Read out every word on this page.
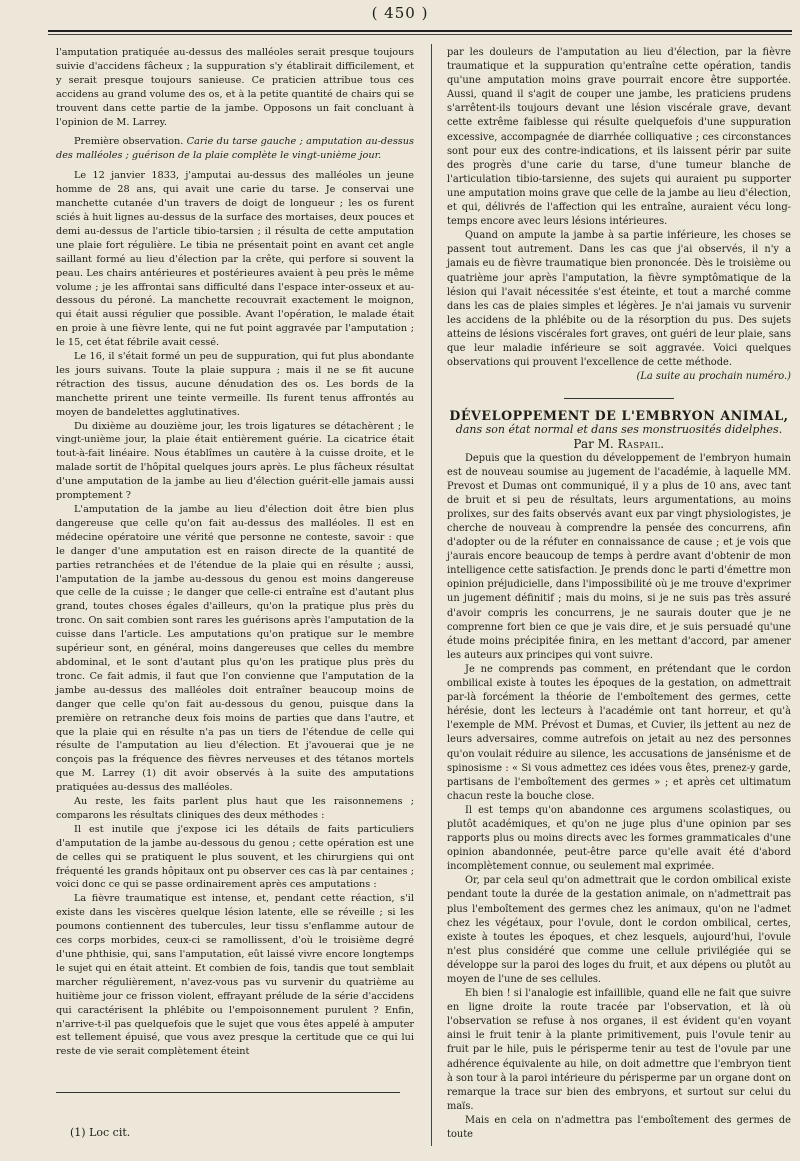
( 450 )

l'amputation pratiquée au-dessus des malléoles serait presque toujours suivie d'accidens fâcheux ; la suppuration s'y établirait difficilement, et y serait presque toujours sanieuse. Ce praticien attribue tous ces accidens au grand volume des os, et à la petite quantité de chairs qui se trouvent dans cette partie de la jambe. Opposons un fait concluant à l'opinion de M. Larrey.

Première observation. Carie du tarse gauche ; amputation au-dessus des malléoles ; guérison de la plaie complète le vingt-unième jour.

Le 12 janvier 1833, j'amputai au-dessus des malléoles un jeune homme de 28 ans, qui avait une carie du tarse. Je conservai une manchette cutanée d'un travers de doigt de longueur ; les os furent sciés à huit lignes au-dessus de la surface des mortaises, deux pouces et demi au-dessus de l'article tibio-tarsien ; il résulta de cette amputation une plaie fort régulière. Le tibia ne présentait point en avant cet angle saillant formé au lieu d'élection par la crête, qui perfore si souvent la peau. Les chairs antérieures et postérieures avaient à peu près le même volume ; je les affrontai sans difficulté dans l'espace inter-osseux et au-dessous du péroné. La manchette recouvrait exactement le moignon, qui était aussi régulier que possible. Avant l'opération, le malade était en proie à une fièvre lente, qui ne fut point aggravée par l'amputation ; le 15, cet état fébrile avait cessé.

Le 16, il s'était formé un peu de suppuration, qui fut plus abondante les jours suivans. Toute la plaie suppura ; mais il ne se fit aucune rétraction des tissus, aucune dénudation des os. Les bords de la manchette prirent une teinte vermeille. Ils furent tenus affrontés au moyen de bandelettes agglutinatives.

Du dixième au douzième jour, les trois ligatures se détachèrent ; le vingt-unième jour, la plaie était entièrement guérie. La cicatrice était tout-à-fait linéaire. Nous établîmes un cautère à la cuisse droite, et le malade sortit de l'hôpital quelques jours après. Le plus fâcheux résultat d'une amputation de la jambe au lieu d'élection guérit-elle jamais aussi promptement ?

L'amputation de la jambe au lieu d'élection doit être bien plus dangereuse que celle qu'on fait au-dessus des malléoles. Il est en médecine opératoire une vérité que personne ne conteste, savoir : que le danger d'une amputation est en raison directe de la quantité de parties retranchées et de l'étendue de la plaie qui en résulte ; aussi, l'amputation de la jambe au-dessous du genou est moins dangereuse que celle de la cuisse ; le danger que celle-ci entraîne est d'autant plus grand, toutes choses égales d'ailleurs, qu'on la pratique plus près du tronc. On sait combien sont rares les guérisons après l'amputation de la cuisse dans l'article. Les amputations qu'on pratique sur le membre supérieur sont, en général, moins dangereuses que celles du membre abdominal, et le sont d'autant plus qu'on les pratique plus près du tronc. Ce fait admis, il faut que l'on convienne que l'amputation de la jambe au-dessus des malléoles doit entraîner beaucoup moins de danger que celle qu'on fait au-dessous du genou, puisque dans la première on retranche deux fois moins de parties que dans l'autre, et que la plaie qui en résulte n'a pas un tiers de l'étendue de celle qui résulte de l'amputation au lieu d'élection. Et j'avouerai que je ne conçois pas la fréquence des fièvres nerveuses et des tétanos mortels que M. Larrey (1) dit avoir observés à la suite des amputations pratiquées au-dessus des malléoles.

Au reste, les faits parlent plus haut que les raisonnemens ; comparons les résultats cliniques des deux méthodes :

Il est inutile que j'expose ici les détails de faits particuliers d'amputation de la jambe au-dessous du genou ; cette opération est une de celles qui se pratiquent le plus souvent, et les chirurgiens qui ont fréquenté les grands hôpitaux ont pu observer ces cas là par centaines ; voici donc ce qui se passe ordinairement après ces amputations :

La fièvre traumatique est intense, et, pendant cette réaction, s'il existe dans les viscères quelque lésion latente, elle se réveille ; si les poumons contiennent des tubercules, leur tissu s'enflamme autour de ces corps morbides, ceux-ci se ramollissent, d'où le troisième degré d'une phthisie, qui, sans l'amputation, eût laissé vivre encore longtemps le sujet qui en était atteint. Et combien de fois, tandis que tout semblait marcher régulièrement, n'avez-vous pas vu survenir du quatrième au huitième jour ce frisson violent, effrayant prélude de la série d'accidens qui caractérisent la phlébite ou l'empoisonnement purulent ? Enfin, n'arrive-t-il pas quelquefois que le sujet que vous êtes appelé à amputer est tellement épuisé, que vous avez presque la certitude que ce qui lui reste de vie serait complètement éteint

par les douleurs de l'amputation au lieu d'élection, par la fièvre traumatique et la suppuration qu'entraîne cette opération, tandis qu'une amputation moins grave pourrait encore être supportée. Aussi, quand il s'agit de couper une jambe, les praticiens prudens s'arrêtent-ils toujours devant une lésion viscérale grave, devant cette extrême faiblesse qui résulte quelquefois d'une suppuration excessive, accompagnée de diarrhée colliquative ; ces circonstances sont pour eux des contre-indications, et ils laissent périr par suite des progrès d'une carie du tarse, d'une tumeur blanche de l'articulation tibio-tarsienne, des sujets qui auraient pu supporter une amputation moins grave que celle de la jambe au lieu d'élection, et qui, délivrés de l'affection qui les entraîne, auraient vécu long-temps encore avec leurs lésions intérieures.

Quand on ampute la jambe à sa partie inférieure, les choses se passent tout autrement. Dans les cas que j'ai observés, il n'y a jamais eu de fièvre traumatique bien prononcée. Dès le troisième ou quatrième jour après l'amputation, la fièvre symptômatique de la lésion qui l'avait nécessitée s'est éteinte, et tout a marché comme dans les cas de plaies simples et légères. Je n'ai jamais vu survenir les accidens de la phlébite ou de la résorption du pus. Des sujets atteins de lésions viscérales fort graves, ont guéri de leur plaie, sans que leur maladie inférieure se soit aggravée. Voici quelques observations qui prouvent l'excellence de cette méthode.

(La suite au prochain numéro.)

DÉVELOPPEMENT DE L'EMBRYON ANIMAL,

dans son état normal et dans ses monstruosités didelphes.

Par M. Raspail.

Depuis que la question du développement de l'embryon humain est de nouveau soumise au jugement de l'académie, à laquelle MM. Prevost et Dumas ont communiqué, il y a plus de 10 ans, avec tant de bruit et si peu de résultats, leurs argumentations, au moins prolixes, sur des faits observés avant eux par vingt physiologistes, je cherche de nouveau à comprendre la pensée des concurrens, afin d'adopter ou de la réfuter en connaissance de cause ; et je vois que j'aurais encore beaucoup de temps à perdre avant d'obtenir de mon intelligence cette satisfaction. Je prends donc le parti d'émettre mon opinion préjudicielle, dans l'impossibilité où je me trouve d'exprimer un jugement définitif ; mais du moins, si je ne suis pas très assuré d'avoir compris les concurrens, je ne saurais douter que je ne comprenne fort bien ce que je vais dire, et je suis persuadé qu'une étude moins précipitée finira, en les mettant d'accord, par amener les auteurs aux principes qui vont suivre.

Je ne comprends pas comment, en prétendant que le cordon ombilical existe à toutes les époques de la gestation, on admettrait par-là forcément la théorie de l'emboîtement des germes, cette hérésie, dont les lecteurs à l'académie ont tant horreur, et qu'à l'exemple de MM. Prévost et Dumas, et Cuvier, ils jettent au nez de leurs adversaires, comme autrefois on jetait au nez des personnes qu'on voulait réduire au silence, les accusations de jansénisme et de spinosisme : « Si vous admettez ces idées vous êtes, prenez-y garde, partisans de l'emboîtement des germes » ; et après cet ultimatum chacun reste la bouche close.

Il est temps qu'on abandonne ces argumens scolastiques, ou plutôt académiques, et qu'on ne juge plus d'une opinion par ses rapports plus ou moins directs avec les formes grammaticales d'une opinion abandonnée, peut-être parce qu'elle avait été d'abord incomplètement connue, ou seulement mal exprimée.

Or, par cela seul qu'on admettrait que le cordon ombilical existe pendant toute la durée de la gestation animale, on n'admettrait pas plus l'emboîtement des germes chez les animaux, qu'on ne l'admet chez les végétaux, pour l'ovule, dont le cordon ombilical, certes, existe à toutes les époques, et chez lesquels, aujourd'hui, l'ovule n'est plus considéré que comme une cellule privilégiée qui se développe sur la paroi des loges du fruit, et aux dépens ou plutôt au moyen de l'une de ses cellules.

Eh bien ! si l'analogie est infaillible, quand elle ne fait que suivre en ligne droite la route tracée par l'observation, et là où l'observation se refuse à nos organes, il est évident qu'en voyant ainsi le fruit tenir à la plante primitivement, puis l'ovule tenir au fruit par le hile, puis le périsperme tenir au test de l'ovule par une adhérence équivalente au hile, on doit admettre que l'embryon tient à son tour à la paroi intérieure du périsperme par un organe dont on remarque la trace sur bien des embryons, et surtout sur celui du maïs.

Mais en cela on n'admettra pas l'emboîtement des germes de toute

(1) Loc cit.
